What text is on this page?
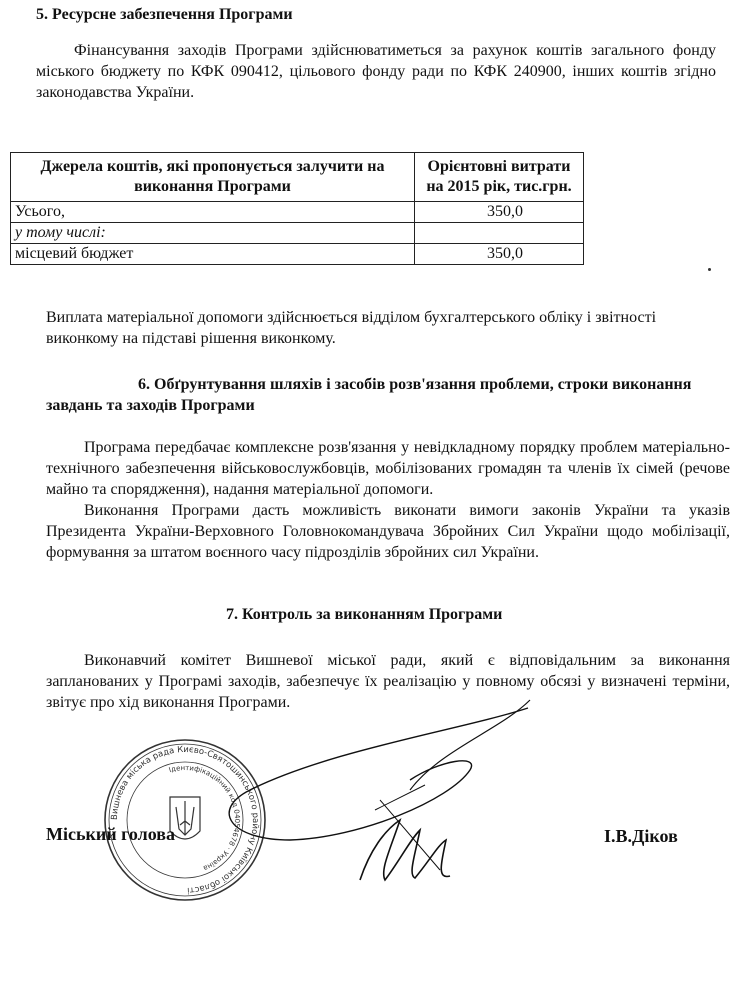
5. Ресурсне забезпечення Програми

Фінансування заходів Програми здійснюватиметься за рахунок коштів загального фонду міського бюджету по КФК 090412, цільового фонду ради по КФК 240900, інших коштів згідно законодавства України.

Джерела коштів, які пропонується залучити на виконання Програми	Орієнтовні витрати на 2015 рік, тис.грн.
Усього,	350,0
у тому числі:	
місцевий бюджет	350,0

Виплата матеріальної допомоги здійснюється відділом бухгалтерського обліку і звітності виконкому на підставі рішення виконкому.

6. Обґрунтування шляхів і засобів розв'язання проблеми, строки виконання завдань та заходів Програми

Програма передбачає комплексне розв'язання у невідкладному порядку проблем матеріально-технічного забезпечення військовослужбовців, мобілізованих громадян та членів їх сімей (речове майно та спорядження), надання матеріальної допомоги.

Виконання Програми дасть можливість виконати вимоги законів України та указів Президента України-Верховного Головнокомандувача Збройних Сил України щодо мобілізації, формування за штатом воєнного часу підрозділів збройних сил України.

7. Контроль за виконанням Програми

Виконавчий комітет Вишневої міської ради, який є відповідальним за виконання запланованих у Програмі заходів, забезпечує їх реалізацію у повному обсязі у визначені терміни, звітує про хід виконання Програми.

Вишнева міська рада Києво-Святошинського району Київської області
Ідентифікаційний код 04054678 · Україна
Міський голова	І.В.Діков
